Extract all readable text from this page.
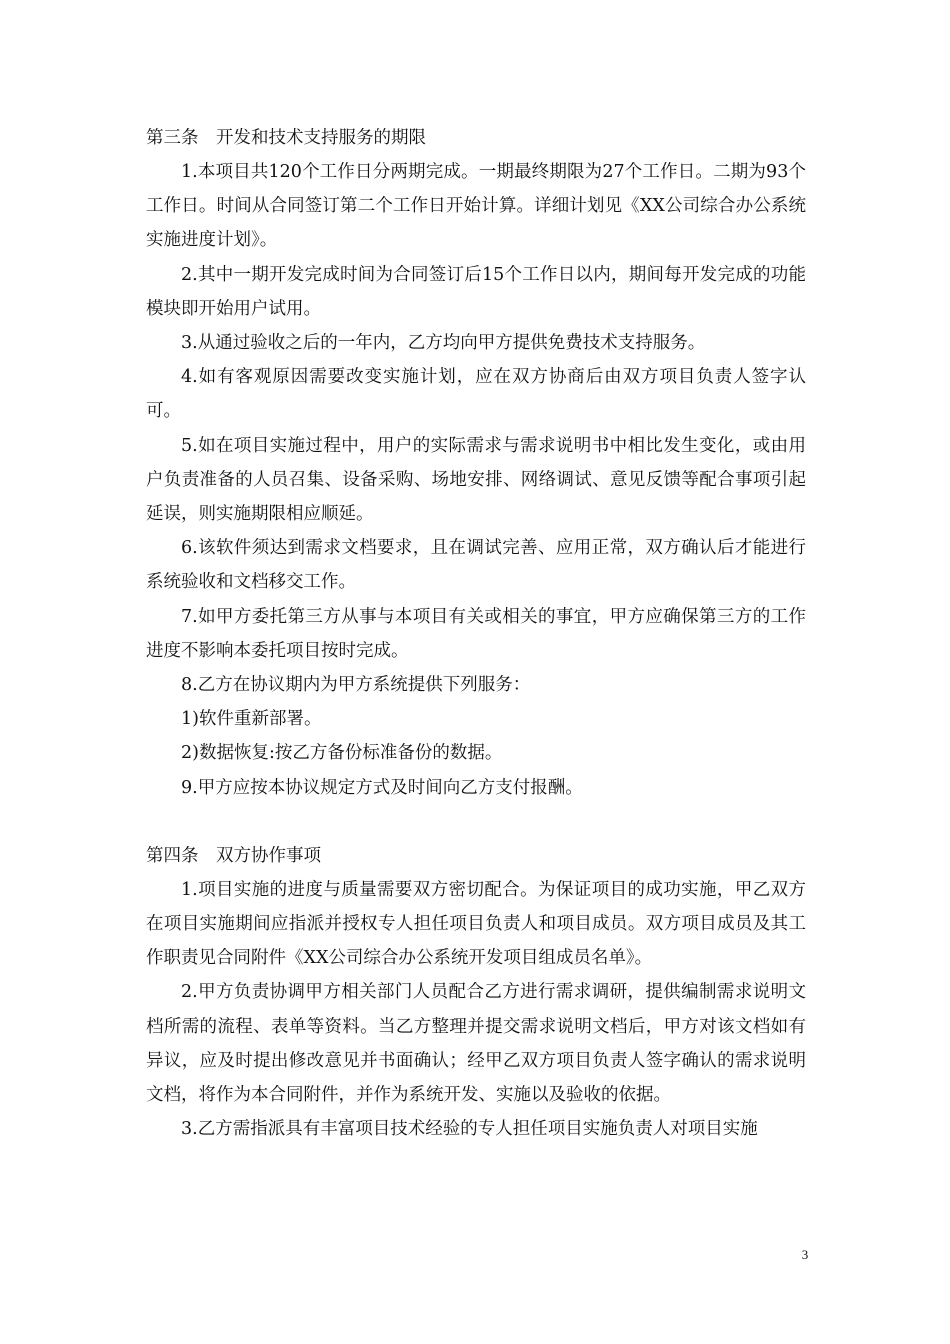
第三条　开发和技术支持服务的期限

1.本项目共120个工作日分两期完成。一期最终期限为27个工作日。二期为93个工作日。时间从合同签订第二个工作日开始计算。详细计划见《XX公司综合办公系统实施进度计划》。

2.其中一期开发完成时间为合同签订后15个工作日以内，期间每开发完成的功能模块即开始用户试用。

3.从通过验收之后的一年内，乙方均向甲方提供免费技术支持服务。

4.如有客观原因需要改变实施计划，应在双方协商后由双方项目负责人签字认可。

5.如在项目实施过程中，用户的实际需求与需求说明书中相比发生变化，或由用户负责准备的人员召集、设备采购、场地安排、网络调试、意见反馈等配合事项引起延误，则实施期限相应顺延。

6.该软件须达到需求文档要求，且在调试完善、应用正常，双方确认后才能进行系统验收和文档移交工作。

7.如甲方委托第三方从事与本项目有关或相关的事宜，甲方应确保第三方的工作进度不影响本委托项目按时完成。

8.乙方在协议期内为甲方系统提供下列服务：

1)软件重新部署。

2)数据恢复:按乙方备份标准备份的数据。

9.甲方应按本协议规定方式及时间向乙方支付报酬。

第四条　双方协作事项

1.项目实施的进度与质量需要双方密切配合。为保证项目的成功实施，甲乙双方在项目实施期间应指派并授权专人担任项目负责人和项目成员。双方项目成员及其工作职责见合同附件《XX公司综合办公系统开发项目组成员名单》。

2.甲方负责协调甲方相关部门人员配合乙方进行需求调研，提供编制需求说明文档所需的流程、表单等资料。当乙方整理并提交需求说明文档后，甲方对该文档如有异议，应及时提出修改意见并书面确认；经甲乙双方项目负责人签字确认的需求说明文档，将作为本合同附件，并作为系统开发、实施以及验收的依据。

3.乙方需指派具有丰富项目技术经验的专人担任项目实施负责人对项目实施

3
